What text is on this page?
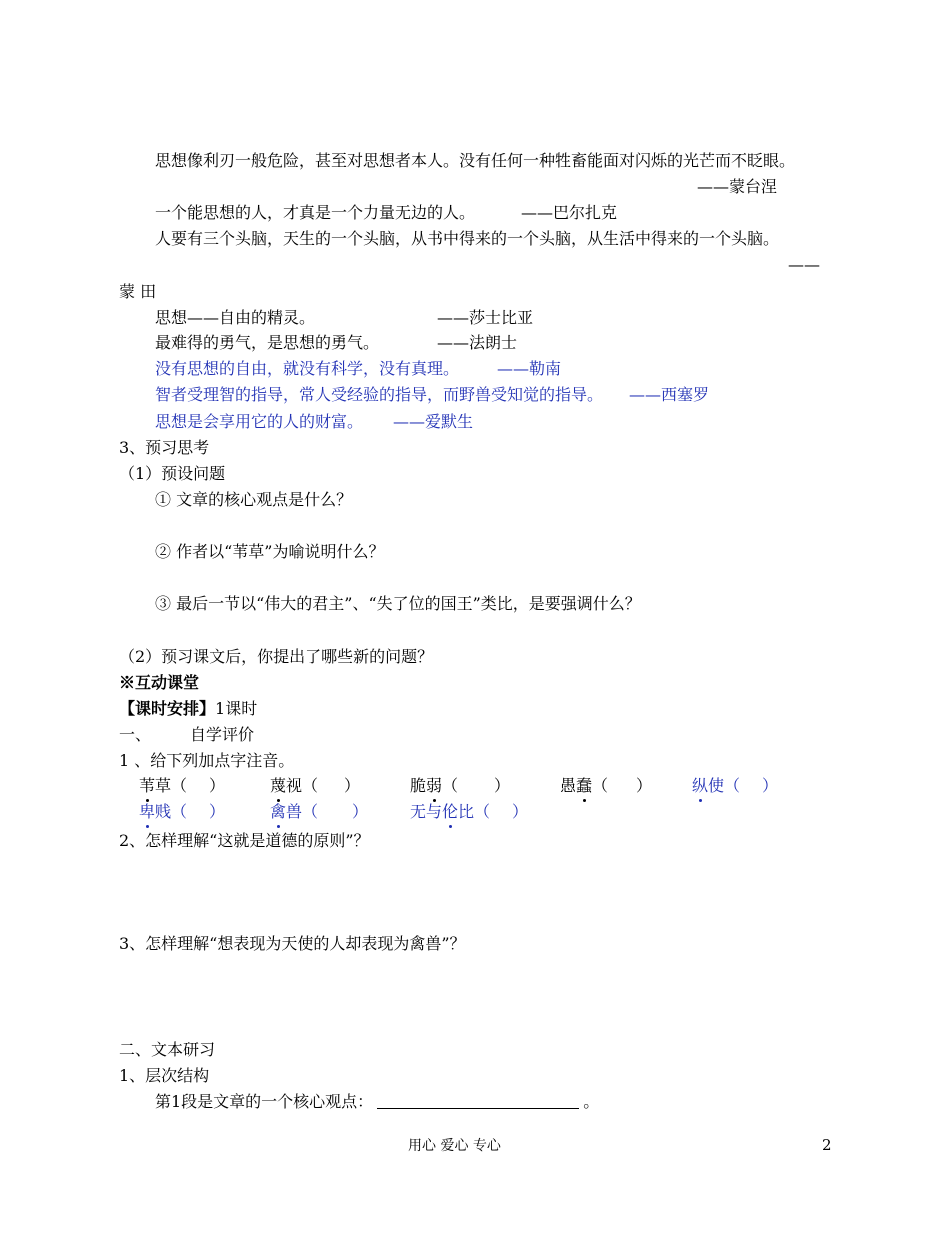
思想像利刃一般危险，甚至对思想者本人。没有任何一种牲畜能面对闪烁的光芒而不眨眼。
——蒙台涅
一个能思想的人，才真是一个力量无边的人。	——巴尔扎克
人要有三个头脑，天生的一个头脑，从书中得来的一个头脑，从生活中得来的一个头脑。
——
蒙 田
思想——自由的精灵。	——莎士比亚
最难得的勇气，是思想的勇气。	——法朗士
没有思想的自由，就没有科学，没有真理。 ——勒南
智者受理智的指导，常人受经验的指导，而野兽受知觉的指导。 ——西塞罗
思想是会享用它的人的财富。 ——爱默生
3、预习思考
（1）预设问题
① 文章的核心观点是什么？
② 作者以“苇草”为喻说明什么？
③ 最后一节以“伟大的君主”、“失了位的国王”类比，是要强调什么？
（2）预习课文后，你提出了哪些新的问题？
※互动课堂
【课时安排】1课时
一、 自学评价
1 、给下列加点字注音。
苇草（ ）	蔑视（ ）	脆弱（ ）	愚蠢（ ） 纵使（ ）
卑贱（ ）	禽兽（ ）	无与伦比（ ）
2、怎样理解“这就是道德的原则”？
3、怎样理解“想表现为天使的人却表现为禽兽”？
二、文本研习
1、层次结构
第1段是文章的一个核心观点：	。
用心 爱心 专心	2
